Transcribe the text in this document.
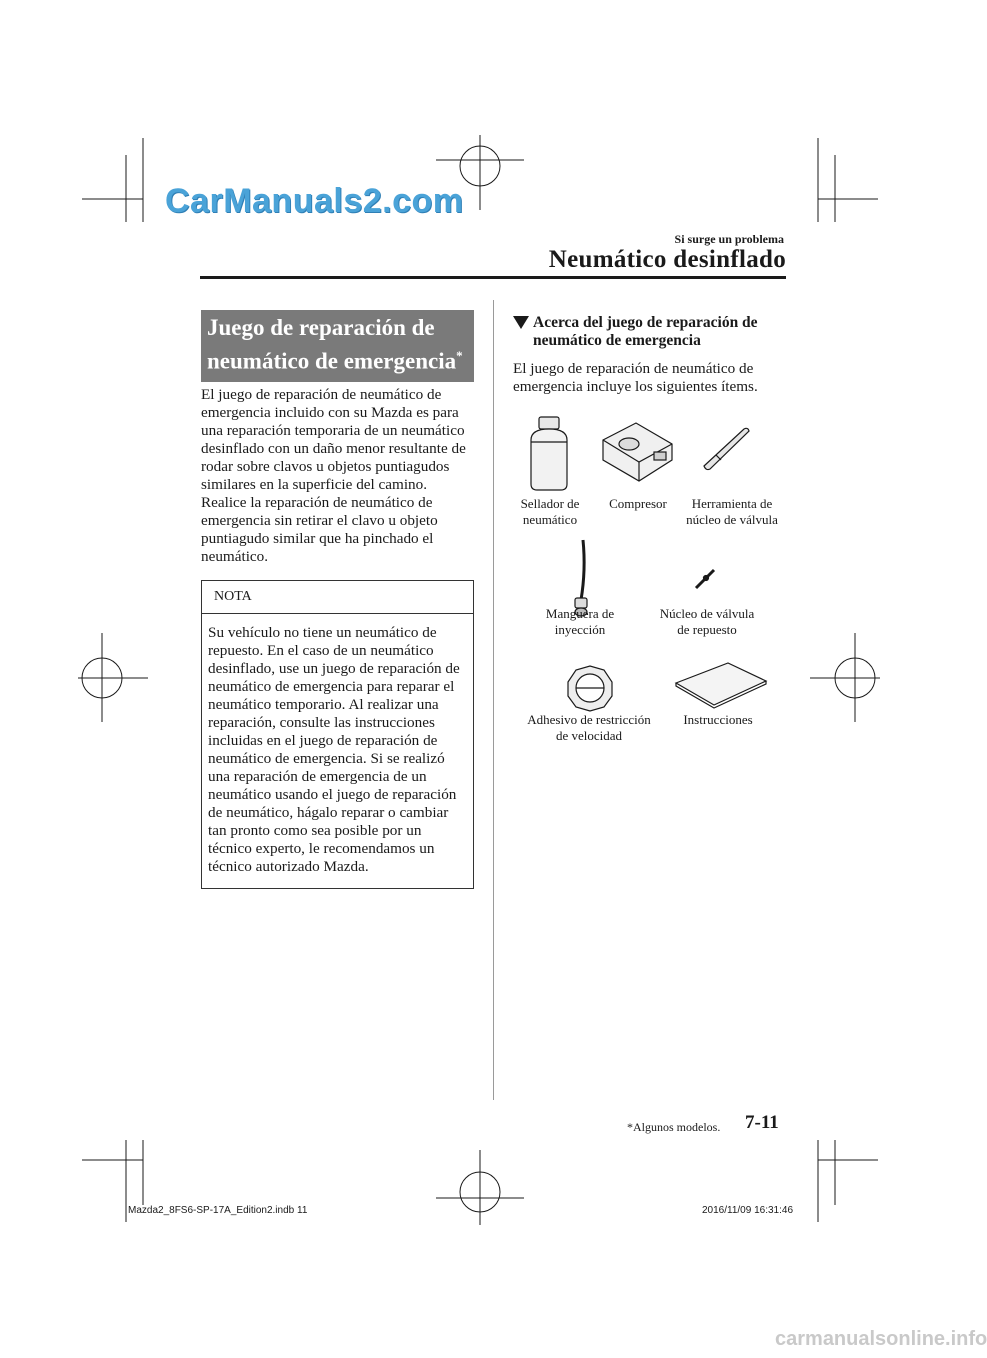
CarManuals2.com
Si surge un problema
Neumático desinflado
Juego de reparación de
neumático de emergencia*

El juego de reparación de neumático de emergencia incluido con su Mazda es para una reparación temporaria de un neumático desinflado con un daño menor resultante de rodar sobre clavos u objetos puntiagudos similares en la superficie del camino.

Realice la reparación de neumático de emergencia sin retirar el clavo u objeto puntiagudo similar que ha pinchado el neumático.

NOTA
Su vehículo no tiene un neumático de repuesto. En el caso de un neumático desinflado, use un juego de reparación de neumático de emergencia para reparar el neumático temporario. Al realizar una reparación, consulte las instrucciones incluidas en el juego de reparación de neumático de emergencia. Si se realizó una reparación de emergencia de un neumático usando el juego de reparación de neumático, hágalo reparar o cambiar tan pronto como sea posible por un técnico experto, le recomendamos un técnico autorizado Mazda.
Acerca del juego de reparación de neumático de emergencia

El juego de reparación de neumático de emergencia incluye los siguientes ítems.

Sellador de
neumático
Compresor	Herramienta de
núcleo de válvula
Manguera de
inyección
Núcleo de válvula
de repuesto
Adhesivo de restricción
de velocidad
Instrucciones
*Algunos modelos. 7-11
Mazda2_8FS6-SP-17A_Edition2.indb 11	2016/11/09 16:31:46
carmanualsonline.info
